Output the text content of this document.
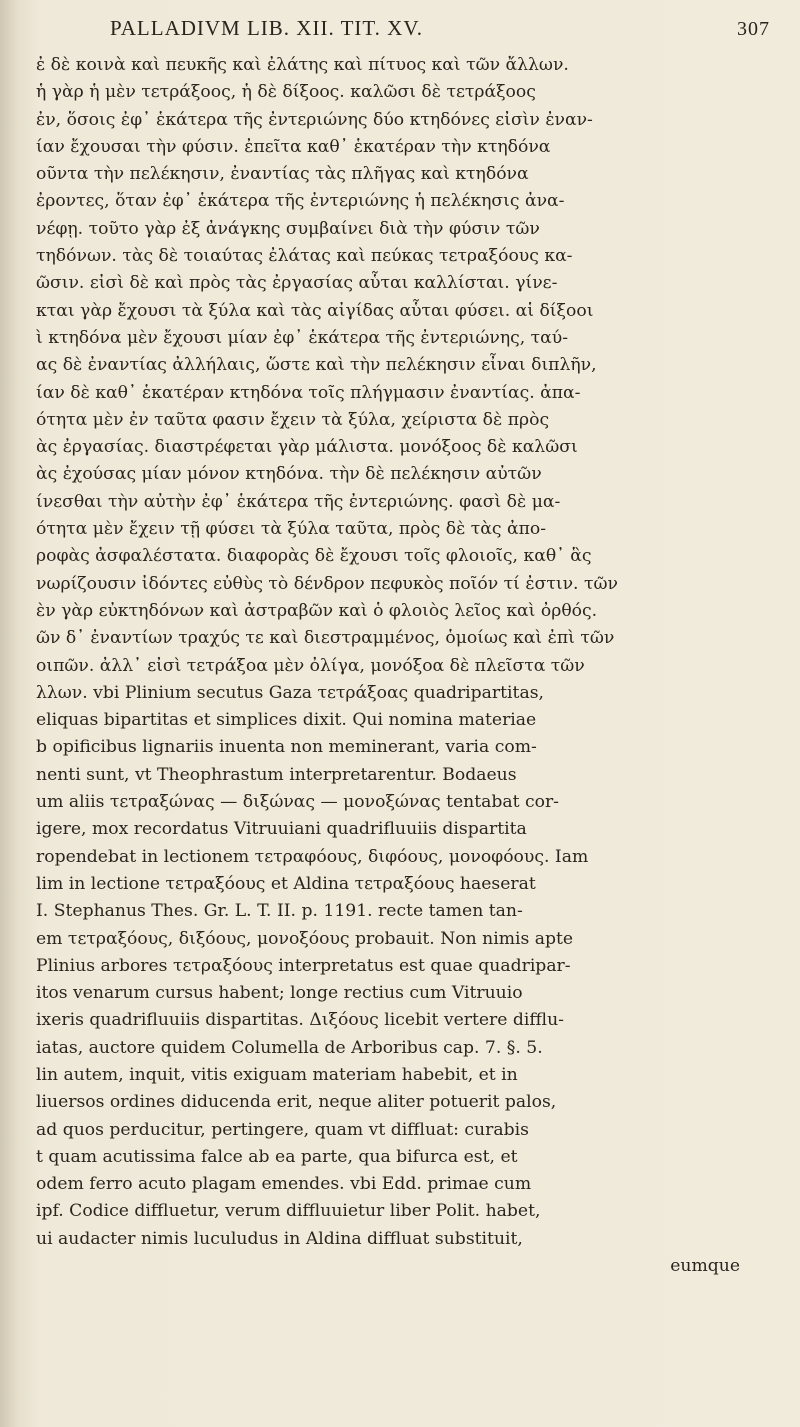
PALLADIVM LIB. XII. TIT. XV.	307
ἐ δὲ κοινὰ καὶ πευκῆς καὶ ἐλάτης καὶ πίτυος καὶ τῶν ἄλλων.
ἡ γὰρ ἡ μὲν τετράξοος, ἡ δὲ δίξοος. καλῶσι δὲ τετράξοος
ἐν, ὅσοις ἐφ᾽ ἑκάτερα τῆς ἐντεριώνης δύο κτηδόνες εἰσὶν ἐναν-
ίαν ἔχουσαι τὴν φύσιν. ἐπεῖτα καθ᾽ ἑκατέραν τὴν κτηδόνα
οῦντα τὴν πελέκησιν, ἐναντίας τὰς πλῆγας καὶ κτηδόνα
ἐροντες, ὅταν ἐφ᾽ ἑκάτερα τῆς ἐντεριώνης ἡ πελέκησις ἀνα-
νέφῃ. τοῦτο γὰρ ἐξ ἀνάγκης συμβαίνει διὰ τὴν φύσιν τῶν
τηδόνων. τὰς δὲ τοιαύτας ἐλάτας καὶ πεύκας τετραξόους κα-
ῶσιν. εἰσὶ δὲ καὶ πρὸς τὰς ἐργασίας αὗται καλλίσται. γίνε-
κται γὰρ ἔχουσι τὰ ξύλα καὶ τὰς αἰγίδας αὗται φύσει. αἱ δίξοοι
ὶ κτηδόνα μὲν ἔχουσι μίαν ἐφ᾽ ἑκάτερα τῆς ἐντεριώνης, ταύ-
ας δὲ ἐναντίας ἀλλήλαις, ὥστε καὶ τὴν πελέκησιν εἶναι διπλῆν,
ίαν δὲ καθ᾽ ἑκατέραν κτηδόνα τοῖς πλήγμασιν ἐναντίας. ἀπα-
ότητα μὲν ἐν ταῦτα φασιν ἔχειν τὰ ξύλα, χείριστα δὲ πρὸς
ὰς ἐργασίας. διαστρέφεται γὰρ μάλιστα. μονόξοος δὲ καλῶσι
ὰς ἐχούσας μίαν μόνον κτηδόνα. τὴν δὲ πελέκησιν αὐτῶν
ίνεσθαι τὴν αὐτὴν ἐφ᾽ ἑκάτερα τῆς ἐντεριώνης. φασὶ δὲ μα-
ότητα μὲν ἔχειν τῇ φύσει τὰ ξύλα ταῦτα, πρὸς δὲ τὰς ἀπο-
ροφὰς ἀσφαλέστατα. διαφορὰς δὲ ἔχουσι τοῖς φλοιοῖς, καθ᾽ ἃς
νωρίζουσιν ἰδόντες εὐθὺς τὸ δένδρον πεφυκὸς ποῖόν τί ἐστιν. τῶν
ὲν γὰρ εὐκτηδόνων καὶ ἀστραβῶν καὶ ὁ φλοιὸς λεῖος καὶ ὀρθός.
ῶν δ᾽ ἐναντίων τραχύς τε καὶ διεστραμμένος, ὁμοίως καὶ ἐπὶ τῶν
οιπῶν. ἀλλ᾽ εἰσὶ τετράξοα μὲν ὀλίγα, μονόξοα δὲ πλεῖστα τῶν
λλων. vbi Plinium secutus Gaza τετράξοας quadripartitas,
eliquas bipartitas et simplices dixit. Qui nomina materiae
b opificibus lignariis inuenta non meminerant, varia com-
nenti sunt, vt Theophrastum interpretarentur. Bodaeus
um aliis τετραξώνας — διξώνας — μονοξώνας tentabat cor-
igere, mox recordatus Vitruuiani quadrifluuiis dispartita
ropendebat in lectionem τετραφόους, διφόους, μονοφόους. Iam
lim in lectione τετραξόους et Aldina τετραξόους haeserat
I. Stephanus Thes. Gr. L. T. II. p. 1191. recte tamen tan-
em τετραξόους, διξόους, μονοξόους probauit. Non nimis apte
Plinius arbores τετραξόους interpretatus est quae quadripar-
itos venarum cursus habent; longe rectius cum Vitruuio
ixeris quadrifluuiis dispartitas. Διξόους licebit vertere difflu-
iatas, auctore quidem Columella de Arboribus cap. 7. §. 5.
lin autem, inquit, vitis exiguam materiam habebit, et in
liuersos ordines diducenda erit, neque aliter potuerit palos,
ad quos perducitur, pertingere, quam vt diffluat: curabis
t quam acutissima falce ab ea parte, qua bifurca est, et
odem ferro acuto plagam emendes. vbi Edd. primae cum
ipf. Codice diffluetur, verum diffluuietur liber Polit. habet,
ui audacter nimis luculudus in Aldina diffluat substituit,
eumque
